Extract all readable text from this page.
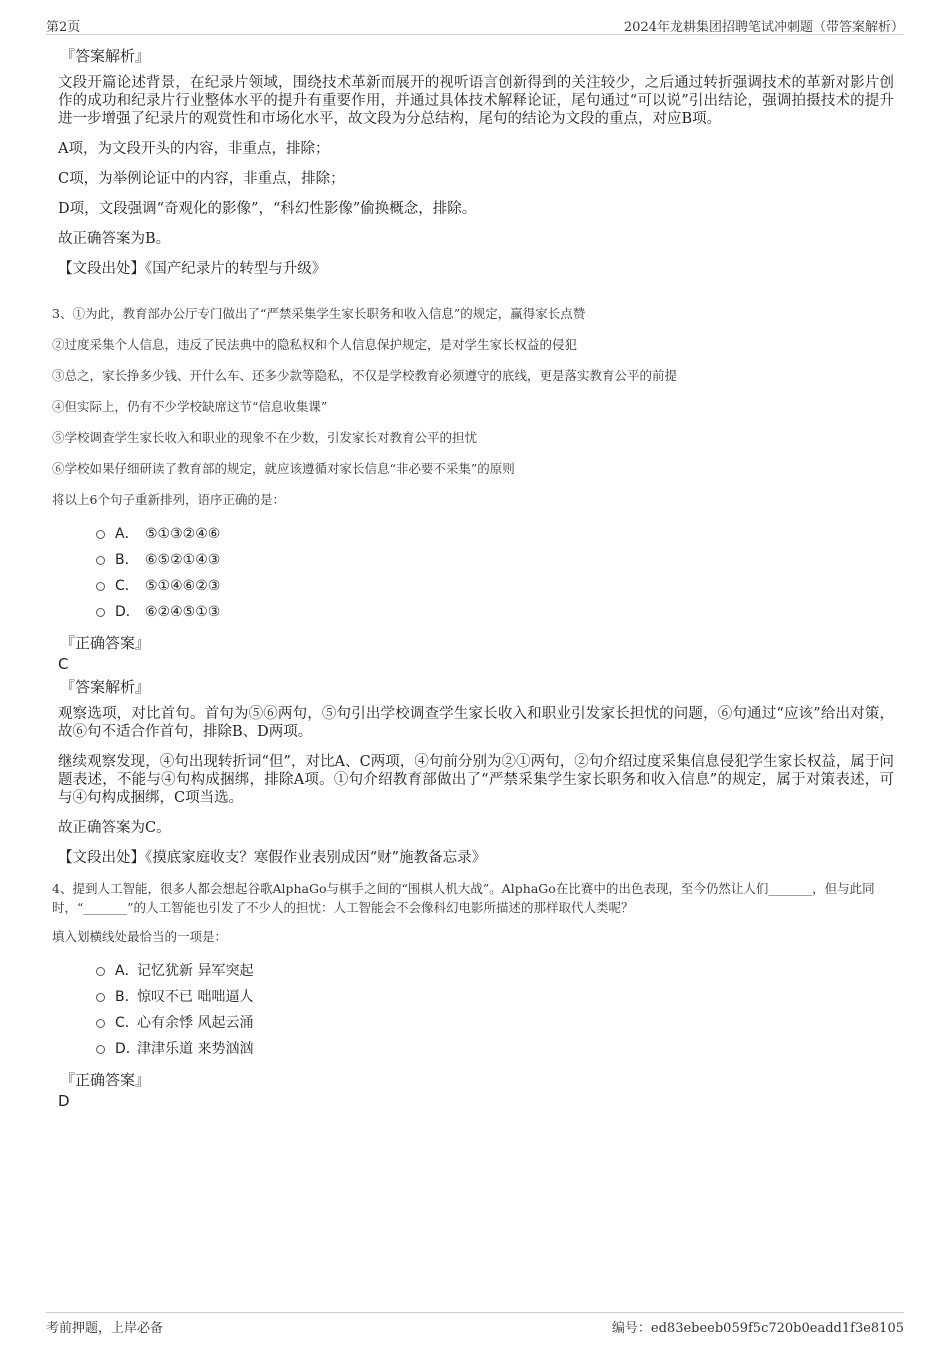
第2页	2024年龙耕集团招聘笔试冲刺题（带答案解析）
『答案解析』

文段开篇论述背景，在纪录片领域，围绕技术革新而展开的视听语言创新得到的关注较少，之后通过转折强调技术的革新对影片创作的成功和纪录片行业整体水平的提升有重要作用，并通过具体技术解释论证，尾句通过“可以说”引出结论，强调拍摄技术的提升进一步增强了纪录片的观赏性和市场化水平，故文段为分总结构，尾句的结论为文段的重点，对应B项。

A项，为文段开头的内容，非重点，排除；

C项，为举例论证中的内容，非重点，排除；

D项，文段强调“奇观化的影像”，“科幻性影像”偷换概念，排除。

故正确答案为B。

【文段出处】《国产纪录片的转型与升级》

3、①为此，教育部办公厅专门做出了“严禁采集学生家长职务和收入信息”的规定，赢得家长点赞

②过度采集个人信息，违反了民法典中的隐私权和个人信息保护规定，是对学生家长权益的侵犯

③总之，家长挣多少钱、开什么车、还多少款等隐私，不仅是学校教育必须遵守的底线，更是落实教育公平的前提

④但实际上，仍有不少学校缺席这节“信息收集课”

⑤学校调查学生家长收入和职业的现象不在少数，引发家长对教育公平的担忧

⑥学校如果仔细研读了教育部的规定，就应该遵循对家长信息“非必要不采集”的原则

将以上6个句子重新排列，语序正确的是：

A． ⑤①③②④⑥
B． ⑥⑤②①④③
C． ⑤①④⑥②③
D． ⑥②④⑤①③
『正确答案』
C
『答案解析』

观察选项，对比首句。首句为⑤⑥两句，⑤句引出学校调查学生家长收入和职业引发家长担忧的问题，⑥句通过“应该”给出对策，故⑥句不适合作首句，排除B、D两项。

继续观察发现，④句出现转折词“但”，对比A、C两项，④句前分别为②①两句，②句介绍过度采集信息侵犯学生家长权益，属于问题表述，不能与④句构成捆绑，排除A项。①句介绍教育部做出了“严禁采集学生家长职务和收入信息”的规定，属于对策表述，可与④句构成捆绑，C项当选。

故正确答案为C。

【文段出处】《摸底家庭收支？寒假作业表别成因“财”施教备忘录》

4、提到人工智能，很多人都会想起谷歌AlphaGo与棋手之间的“围棋人机大战”。AlphaGo在比赛中的出色表现，至今仍然让人们_______，但与此同时，“_______”的人工智能也引发了不少人的担忧：人工智能会不会像科幻电影所描述的那样取代人类呢？

填入划横线处最恰当的一项是：

A．
记忆犹新 异军突起
B．
惊叹不已 咄咄逼人
C．
心有余悸 风起云涌
D．
津津乐道 来势汹汹
『正确答案』
D
考前押题，上岸必备	编号：ed83ebeeb059f5c720b0eadd1f3e8105
